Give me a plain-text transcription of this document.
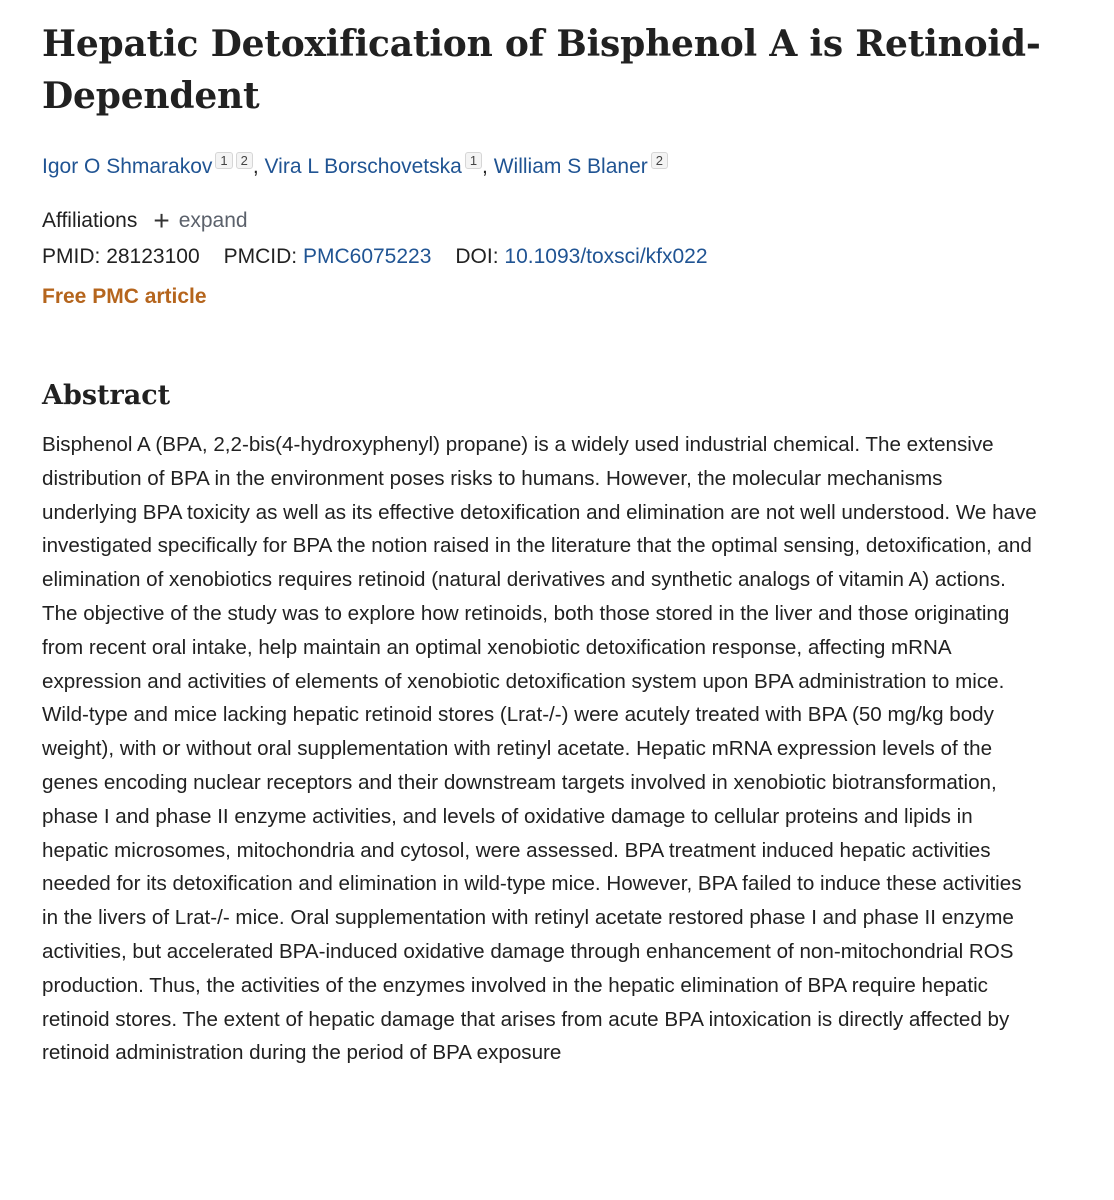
Hepatic Detoxification of Bisphenol A is Retinoid-Dependent
Igor O Shmarakov 1 2 , Vira L Borschovetska 1 , William S Blaner 2
Affiliations + expand
PMID: 28123100 PMCID: PMC6075223 DOI: 10.1093/toxsci/kfx022
Free PMC article
Abstract
Bisphenol A (BPA, 2,2-bis(4-hydroxyphenyl) propane) is a widely used industrial chemical. The extensive distribution of BPA in the environment poses risks to humans. However, the molecular mechanisms underlying BPA toxicity as well as its effective detoxification and elimination are not well understood. We have investigated specifically for BPA the notion raised in the literature that the optimal sensing, detoxification, and elimination of xenobiotics requires retinoid (natural derivatives and synthetic analogs of vitamin A) actions. The objective of the study was to explore how retinoids, both those stored in the liver and those originating from recent oral intake, help maintain an optimal xenobiotic detoxification response, affecting mRNA expression and activities of elements of xenobiotic detoxification system upon BPA administration to mice. Wild-type and mice lacking hepatic retinoid stores (Lrat-/-) were acutely treated with BPA (50 mg/kg body weight), with or without oral supplementation with retinyl acetate. Hepatic mRNA expression levels of the genes encoding nuclear receptors and their downstream targets involved in xenobiotic biotransformation, phase I and phase II enzyme activities, and levels of oxidative damage to cellular proteins and lipids in hepatic microsomes, mitochondria and cytosol, were assessed. BPA treatment induced hepatic activities needed for its detoxification and elimination in wild-type mice. However, BPA failed to induce these activities in the livers of Lrat-/- mice. Oral supplementation with retinyl acetate restored phase I and phase II enzyme activities, but accelerated BPA-induced oxidative damage through enhancement of non-mitochondrial ROS production. Thus, the activities of the enzymes involved in the hepatic elimination of BPA require hepatic retinoid stores. The extent of hepatic damage that arises from acute BPA intoxication is directly affected by retinoid administration during the period of BPA exposure
